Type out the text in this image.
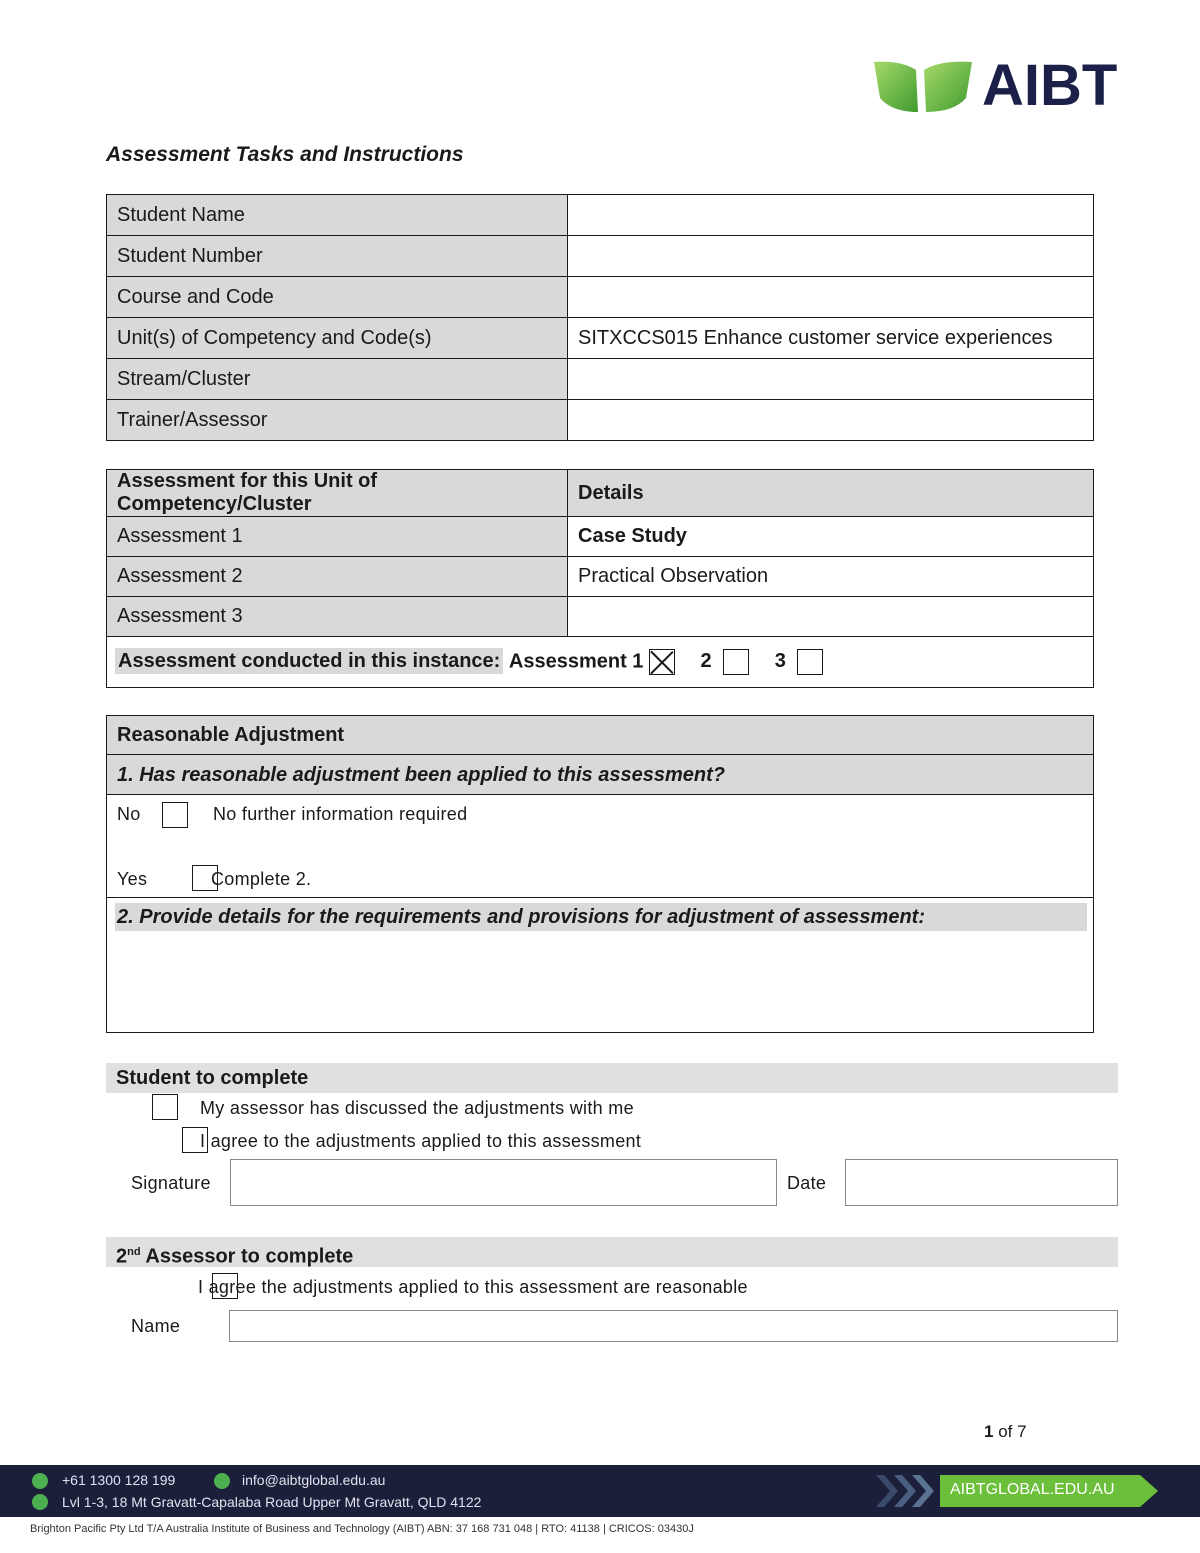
AIBT
Assessment Tasks and Instructions
Student Name	
Student Number	
Course and Code	
Unit(s) of Competency and Code(s)	SITXCCS015 Enhance customer service experiences
Stream/Cluster	
Trainer/Assessor	
Assessment for this Unit of Competency/Cluster	Details
Assessment 1	Case Study
Assessment 2	Practical Observation
Assessment 3	
Assessment conducted in this instance: Assessment 1 2 3	
Reasonable Adjustment
1. Has reasonable adjustment been applied to this assessment?
No
	No further information required
Yes	Complete 2.
2. Provide details for the requirements and provisions for adjustment of assessment:
Student to complete

My assessor has discussed the adjustments with me

I agree to the adjustments applied to this assessment
Signature	Date
2nd Assessor to complete
I agree the adjustments applied to this assessment are reasonable
Name
1 of 7
+61 1300 128 199	info@aibtglobal.edu.au
Lvl 1-3, 18 Mt Gravatt-Capalaba Road Upper Mt Gravatt, QLD 4122
AIBTGLOBAL.EDU.AU
Brighton Pacific Pty Ltd T/A Australia Institute of Business and Technology (AIBT) ABN: 37 168 731 048 | RTO: 41138 | CRICOS: 03430J
